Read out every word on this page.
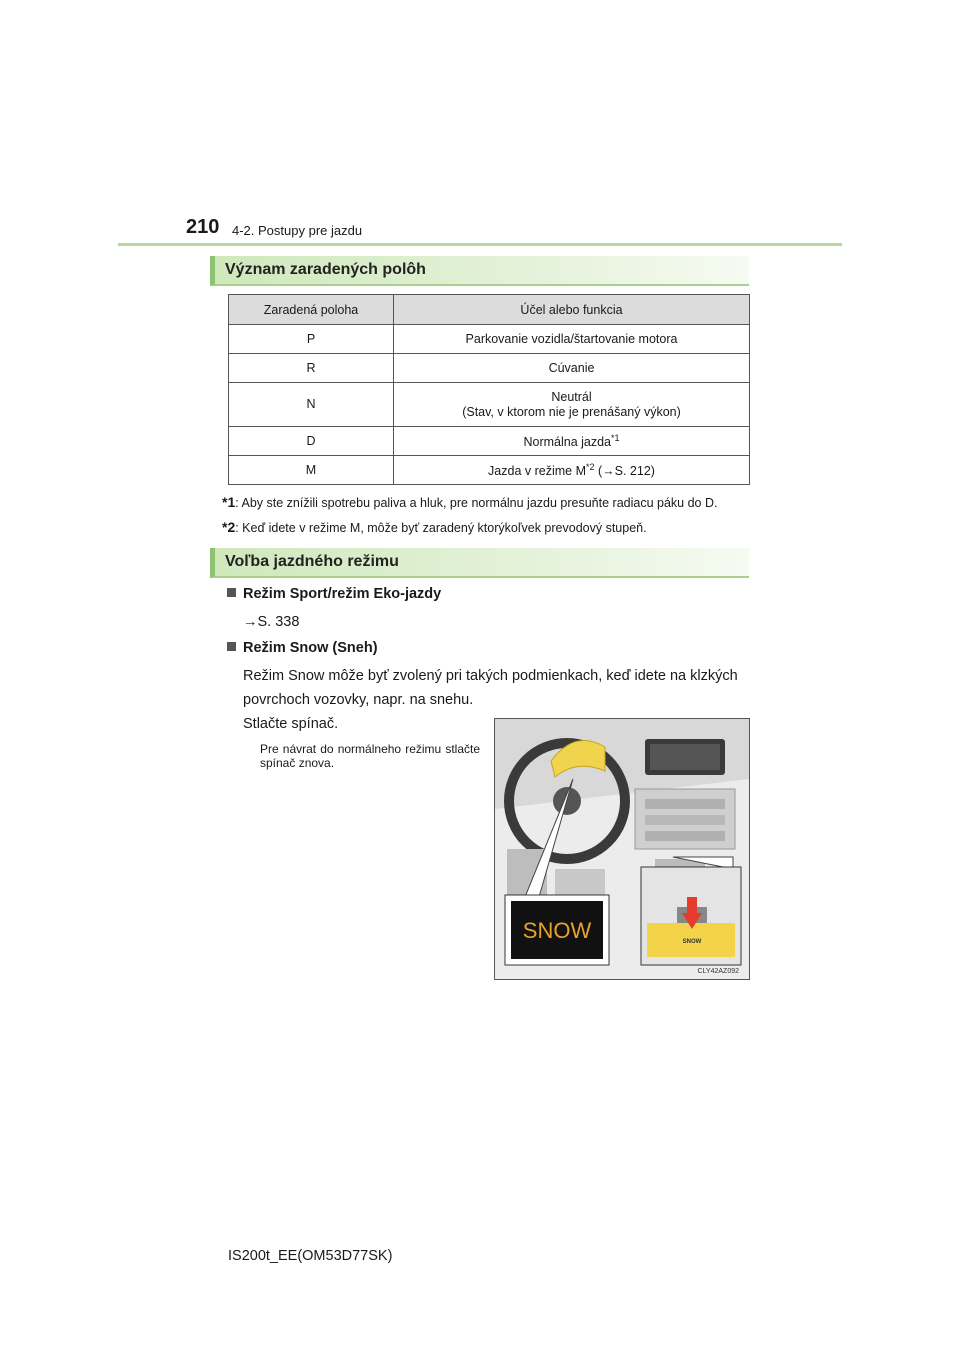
210 4-2. Postupy pre jazdu
Význam zaradených polôh
Zaradená poloha	Účel alebo funkcia
P	Parkovanie vozidla/štartovanie motora
R	Cúvanie
N	Neutrál
(Stav, v ktorom nie je prenášaný výkon)
D	Normálna jazda$^{*1}$
M	Jazda v režime $M^{*2}$ (→S. 212)
*1: Aby ste znížili spotrebu paliva a hluk, pre normálnu jazdu presuňte radiacu páku do D.
*2: Keď idete v režime M, môže byť zaradený ktorýkoľvek prevodový stupeň.
Voľba jazdného režimu
Režim Sport/režim Eko-jazdy
→S. 338
Režim Snow (Sneh)
Režim Snow môže byť zvolený pri takých podmienkach, keď idete na klzkých
povrchoch vozovky, napr. na snehu.
Stlačte spínač.
Pre návrat do normálneho režimu stlačte spínač znova.
SNOW	SNOW
CLY42AZ092
IS200t_EE(OM53D77SK)
